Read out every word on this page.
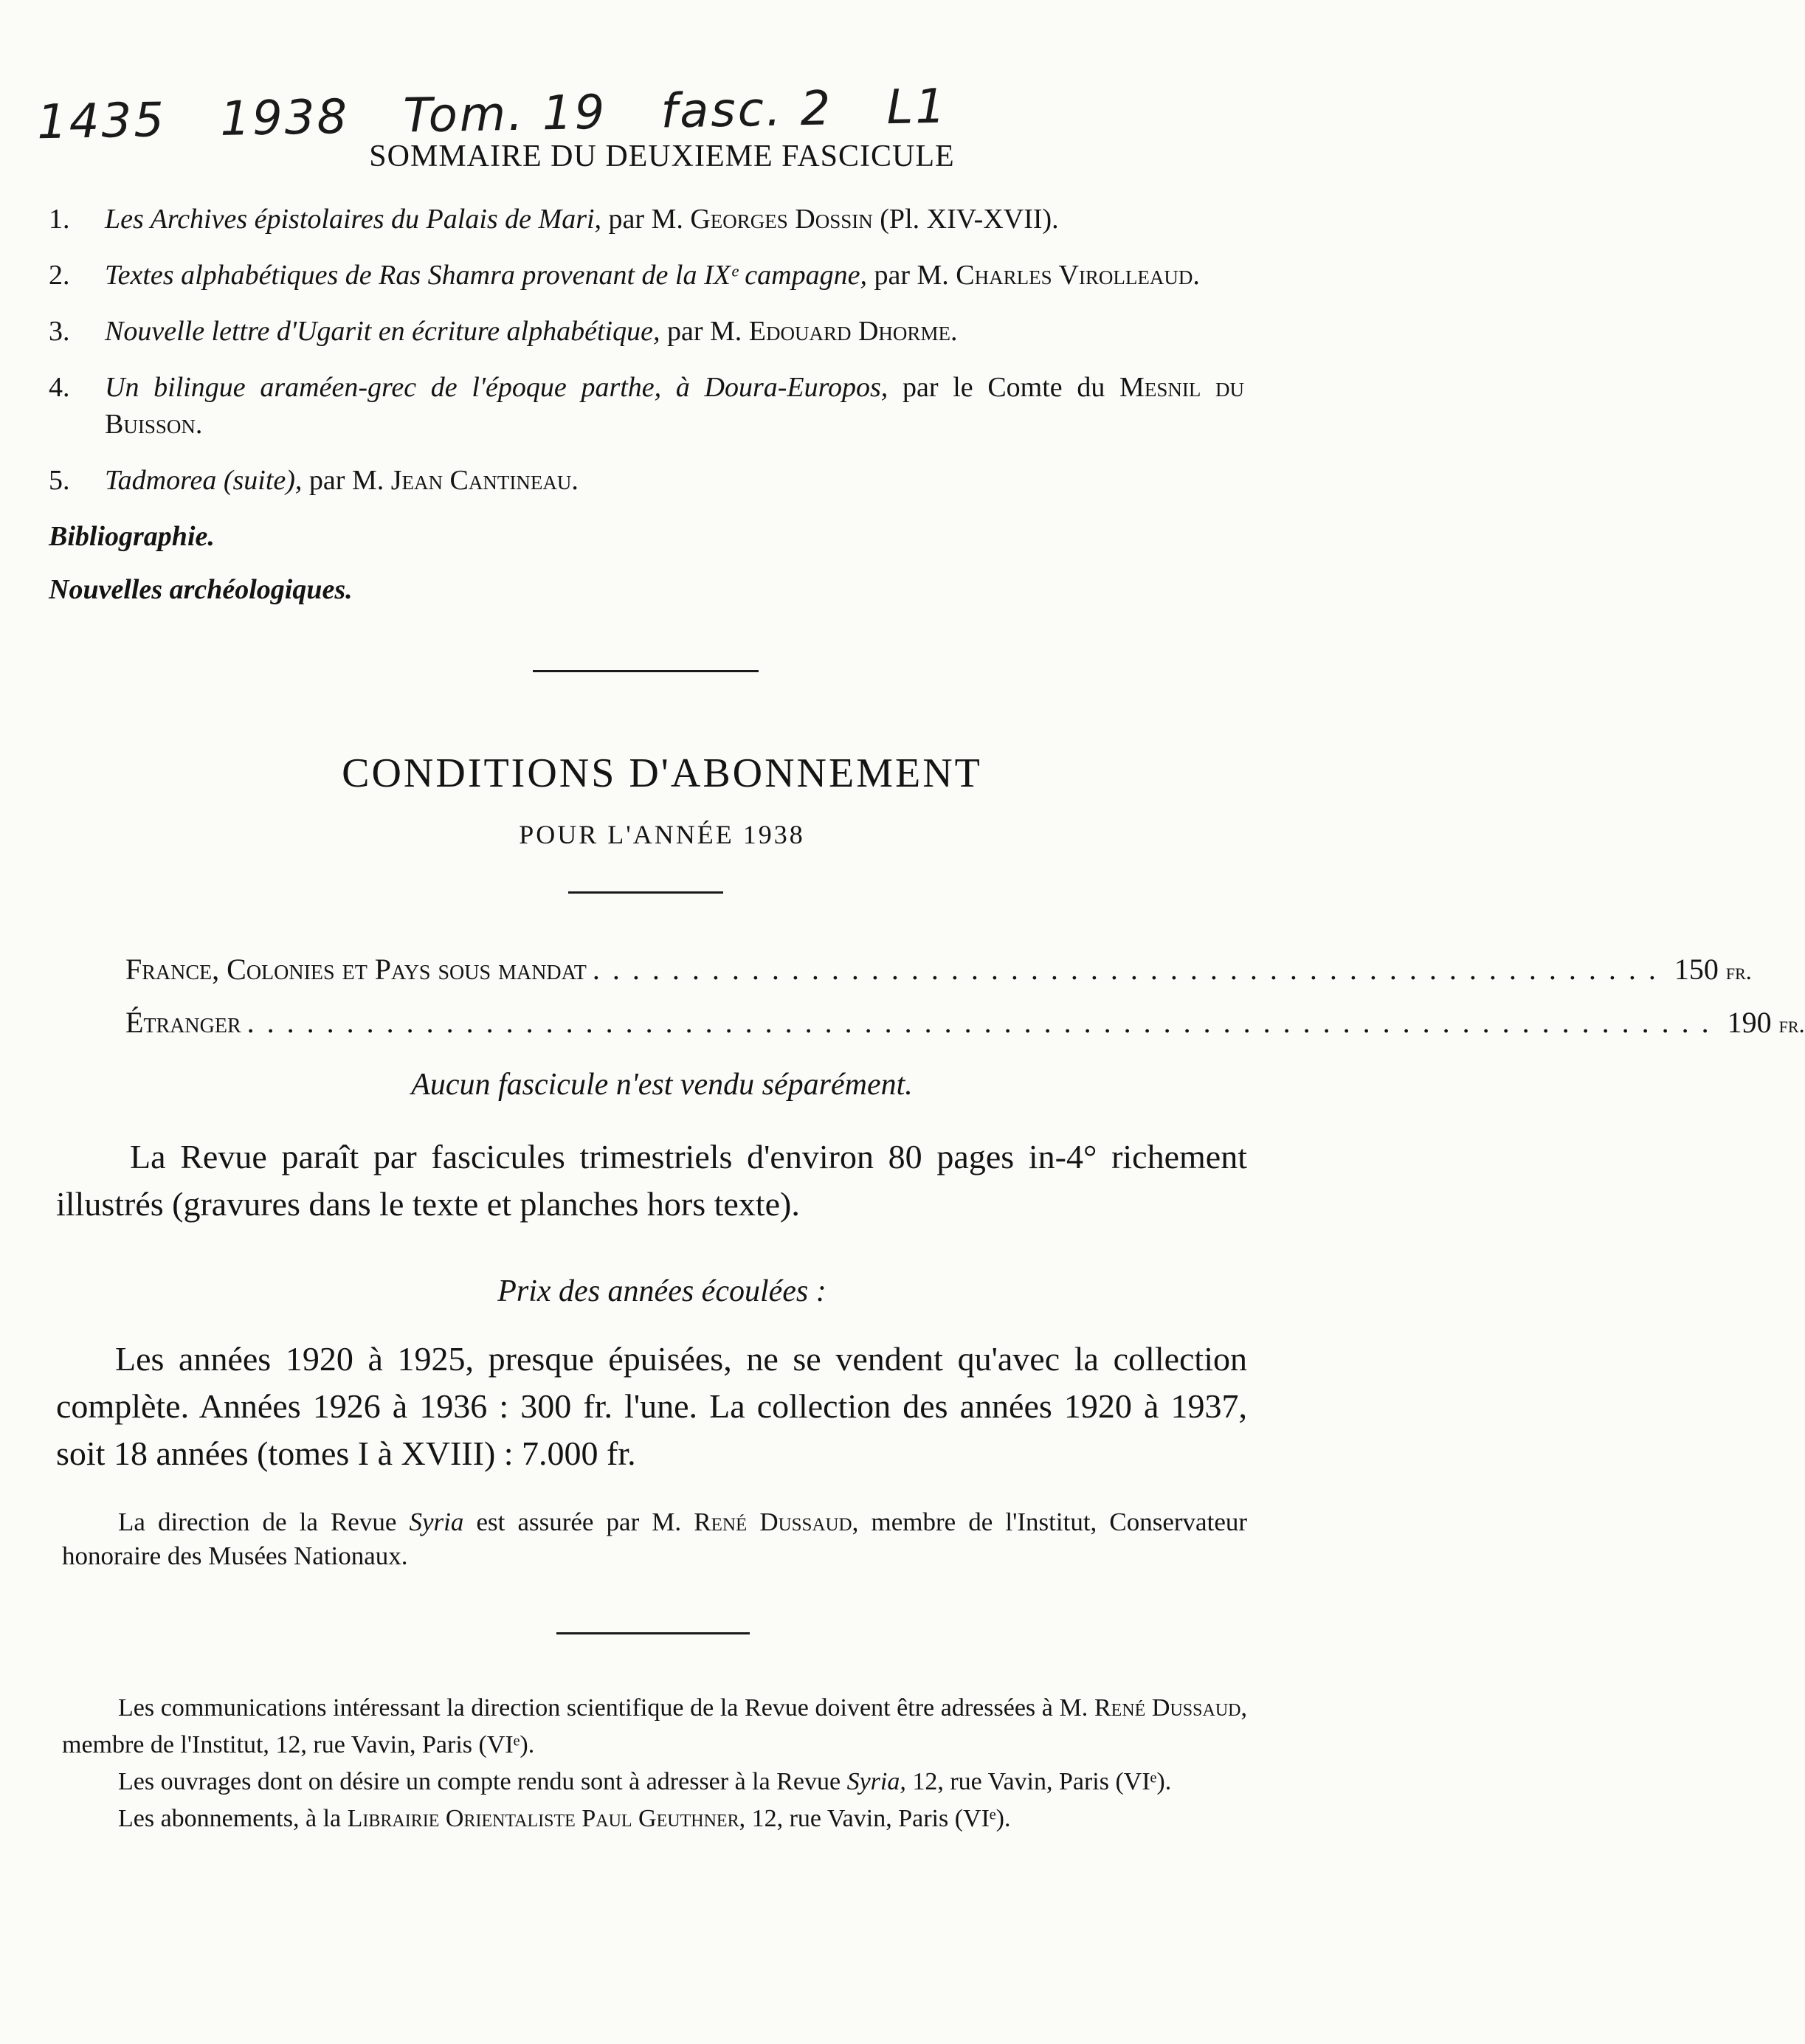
1435 1938 Tom. 19 fasc. 2 L1
SOMMAIRE DU DEUXIEME FASCICULE
1. Les Archives épistolaires du Palais de Mari, par M. Georges Dossin (Pl. XIV-XVII).
2. Textes alphabétiques de Ras Shamra provenant de la IXᵉ campagne, par M. Charles Virolleaud.
3. Nouvelle lettre d'Ugarit en écriture alphabétique, par M. Edouard Dhorme.
4. Un bilingue araméen-grec de l'époque parthe, à Doura-Europos, par le Comte du Mesnil du Buisson.
5. Tadmorea (suite), par M. Jean Cantineau.
Bibliographie.
Nouvelles archéologiques.
CONDITIONS D'ABONNEMENT
POUR L'ANNÉE 1938
France, Colonies et Pays sous mandat ...................................................... 150 fr.
Étranger .......................................................................... 190 fr.
Aucun fascicule n'est vendu séparément.
La Revue paraît par fascicules trimestriels d'environ 80 pages in-4° richement illustrés (gravures dans le texte et planches hors texte).
Prix des années écoulées :
Les années 1920 à 1925, presque épuisées, ne se vendent qu'avec la collection complète. Années 1926 à 1936 : 300 fr. l'une. La collection des années 1920 à 1937, soit 18 années (tomes I à XVIII) : 7.000 fr.
La direction de la Revue Syria est assurée par M. René Dussaud, membre de l'Institut, Conservateur honoraire des Musées Nationaux.

Les communications intéressant la direction scientifique de la Revue doivent être adressées à M. René Dussaud, membre de l'Institut, 12, rue Vavin, Paris (VIᵉ).

Les ouvrages dont on désire un compte rendu sont à adresser à la Revue Syria, 12, rue Vavin, Paris (VIᵉ).

Les abonnements, à la Librairie Orientaliste Paul Geuthner, 12, rue Vavin, Paris (VIᵉ).
